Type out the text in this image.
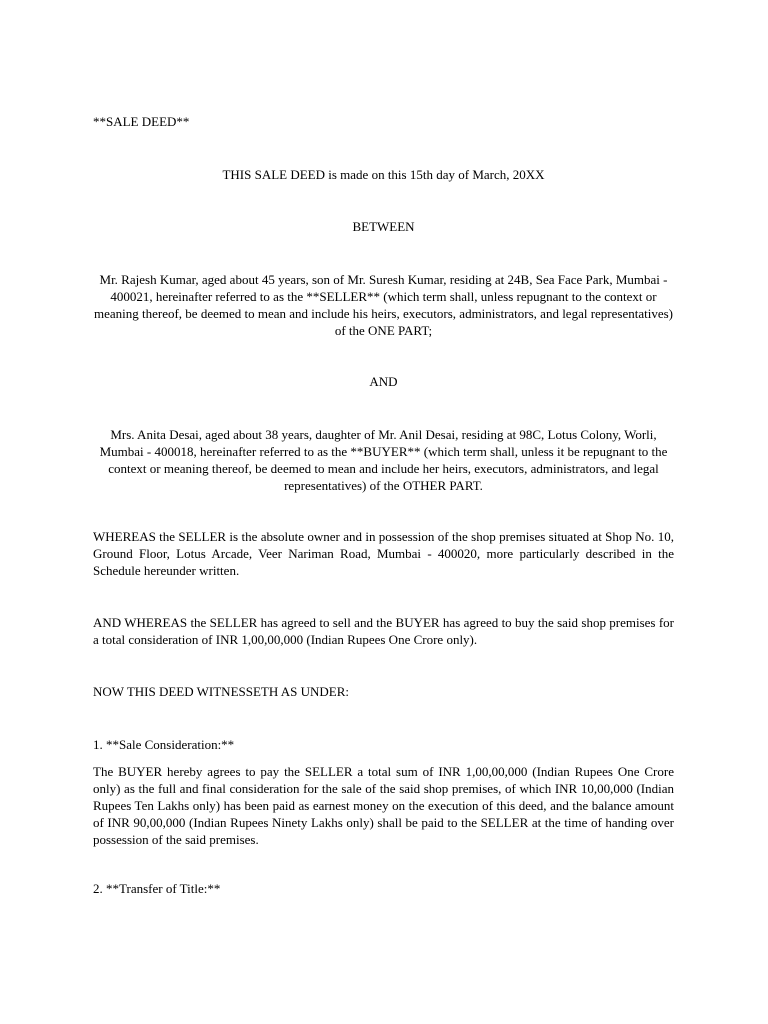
**SALE DEED**

THIS SALE DEED is made on this 15th day of March, 20XX

BETWEEN

Mr. Rajesh Kumar, aged about 45 years, son of Mr. Suresh Kumar, residing at 24B, Sea Face Park, Mumbai - 400021, hereinafter referred to as the **SELLER** (which term shall, unless repugnant to the context or meaning thereof, be deemed to mean and include his heirs, executors, administrators, and legal representatives) of the ONE PART;

AND

Mrs. Anita Desai, aged about 38 years, daughter of Mr. Anil Desai, residing at 98C, Lotus Colony, Worli, Mumbai - 400018, hereinafter referred to as the **BUYER** (which term shall, unless it be repugnant to the context or meaning thereof, be deemed to mean and include her heirs, executors, administrators, and legal representatives) of the OTHER PART.

WHEREAS the SELLER is the absolute owner and in possession of the shop premises situated at Shop No. 10, Ground Floor, Lotus Arcade, Veer Nariman Road, Mumbai - 400020, more particularly described in the Schedule hereunder written.

AND WHEREAS the SELLER has agreed to sell and the BUYER has agreed to buy the said shop premises for a total consideration of INR 1,00,00,000 (Indian Rupees One Crore only).

NOW THIS DEED WITNESSETH AS UNDER:

1. **Sale Consideration:**

The BUYER hereby agrees to pay the SELLER a total sum of INR 1,00,00,000 (Indian Rupees One Crore only) as the full and final consideration for the sale of the said shop premises, of which INR 10,00,000 (Indian Rupees Ten Lakhs only) has been paid as earnest money on the execution of this deed, and the balance amount of INR 90,00,000 (Indian Rupees Ninety Lakhs only) shall be paid to the SELLER at the time of handing over possession of the said premises.

2. **Transfer of Title:**
